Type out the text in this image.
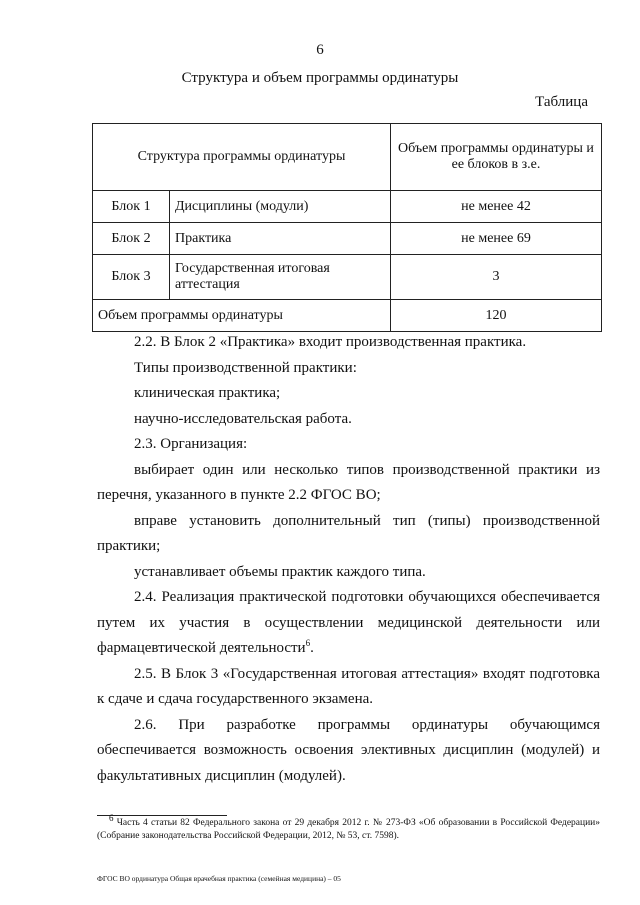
6
Структура и объем программы ординатуры
Таблица
Структура программы ординатуры		Объем программы ординатуры и ее блоков в з.е.
Блок 1	Дисциплины (модули)	не менее 42
Блок 2	Практика	не менее 69
Блок 3	Государственная итоговая аттестация	3
Объем программы ординатуры		120

2.2. В Блок 2 «Практика» входит производственная практика.

Типы производственной практики:

клиническая практика;

научно-исследовательская работа.

2.3. Организация:

выбирает один или несколько типов производственной практики из перечня, указанного в пункте 2.2 ФГОС ВО;

вправе установить дополнительный тип (типы) производственной практики;

устанавливает объемы практик каждого типа.

2.4. Реализация практической подготовки обучающихся обеспечивается путем их участия в осуществлении медицинской деятельности или фармацевтической деятельности$^6$.

2.5. В Блок 3 «Государственная итоговая аттестация» входят подготовка к сдаче и сдача государственного экзамена.

2.6. При разработке программы ординатуры обучающимся обеспечивается возможность освоения элективных дисциплин (модулей) и факультативных дисциплин (модулей).

$^6$ Часть 4 статьи 82 Федерального закона от 29 декабря 2012 г. № 273-ФЗ «Об образовании в Российской Федерации» (Собрание законодательства Российской Федерации, 2012, № 53, ст. 7598).
ФГОС ВО ординатура Общая врачебная практика (семейная медицина) – 05
